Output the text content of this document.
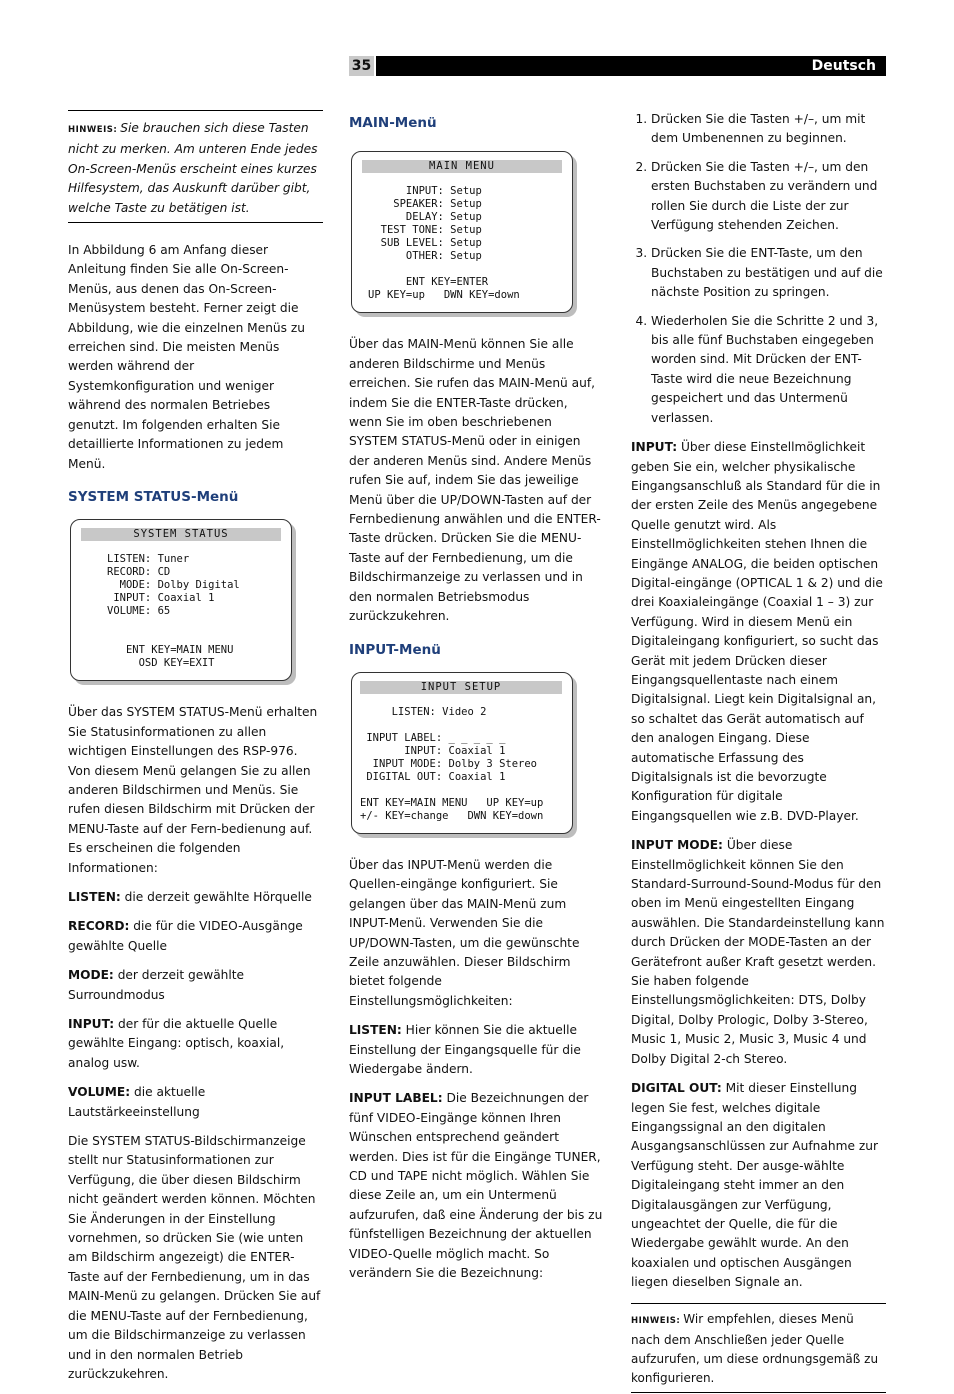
35	Deutsch
HINWEIS: Sie brauchen sich diese Tasten nicht zu merken. Am unteren Ende jedes On-Screen-Menüs erscheint eines kurzes Hilfesystem, das Auskunft darüber gibt, welche Taste zu betätigen ist.

In Abbildung 6 am Anfang dieser Anleitung finden Sie alle On-Screen-Menüs, aus denen das On-Screen-Menüsystem besteht. Ferner zeigt die Abbildung, wie die einzelnen Menüs zu erreichen sind. Die meisten Menüs werden während der Systemkonfiguration und weniger während des normalen Betriebes genutzt. Im folgenden erhalten Sie detaillierte Informationen zu jedem Menü.

SYSTEM STATUS-Menü
SYSTEM STATUS
LISTEN: Tuner
RECORD: CD
MODE: Dolby Digital
INPUT: Coaxial 1
VOLUME: 65

ENT KEY=MAIN MENU
OSD KEY=EXIT

Über das SYSTEM STATUS-Menü erhalten Sie Statusinformationen zu allen wichtigen Einstellungen des RSP-976. Von diesem Menü gelangen Sie zu allen anderen Bildschirmen und Menüs. Sie rufen diesen Bildschirm mit Drücken der MENU-Taste auf der Fern-bedienung auf. Es erscheinen die folgenden Informationen:

LISTEN: die derzeit gewählte Hörquelle

RECORD: die für die VIDEO-Ausgänge gewählte Quelle

MODE: der derzeit gewählte Surroundmodus

INPUT: der für die aktuelle Quelle gewählte Eingang: optisch, koaxial, analog usw.

VOLUME: die aktuelle Lautstärkeeinstellung

Die SYSTEM STATUS-Bildschirmanzeige stellt nur Statusinformationen zur Verfügung, die über diesen Bildschirm nicht geändert werden können. Möchten Sie Änderungen in der Einstellung vornehmen, so drücken Sie (wie unten am Bildschirm angezeigt) die ENTER-Taste auf der Fernbedienung, um in das MAIN-Menü zu gelangen. Drücken Sie auf die MENU-Taste auf der Fernbedienung, um die Bildschirmanzeige zu verlassen und in den normalen Betrieb zurückzukehren.

MAIN-Menü
MAIN MENU
INPUT: Setup
SPEAKER: Setup
DELAY: Setup
TEST TONE: Setup
SUB LEVEL: Setup
OTHER: Setup

ENT KEY=ENTER
UP KEY=up   DWN KEY=down

Über das MAIN-Menü können Sie alle anderen Bildschirme und Menüs erreichen. Sie rufen das MAIN-Menü auf, indem Sie die ENTER-Taste drücken, wenn Sie im oben beschriebenen SYSTEM STATUS-Menü oder in einigen der anderen Menüs sind. Andere Menüs rufen Sie auf, indem Sie das jeweilige Menü über die UP/DOWN-Tasten auf der Fernbedienung anwählen und die ENTER-Taste drücken. Drücken Sie die MENU-Taste auf der Fernbedienung, um die Bildschirmanzeige zu verlassen und in den normalen Betriebsmodus zurückzukehren.

INPUT-Menü
INPUT SETUP
LISTEN: Video 2

INPUT LABEL: _ _ _ _ _
INPUT: Coaxial 1
INPUT MODE: Dolby 3 Stereo
DIGITAL OUT: Coaxial 1

ENT KEY=MAIN MENU   UP KEY=up
+/- KEY=change   DWN KEY=down

Über das INPUT-Menü werden die Quellen-eingänge konfiguriert. Sie gelangen über das MAIN-Menü zum INPUT-Menü. Verwenden Sie die UP/DOWN-Tasten, um die gewünschte Zeile anzuwählen. Dieser Bildschirm bietet folgende Einstellungsmöglichkeiten:

LISTEN: Hier können Sie die aktuelle Einstellung der Eingangsquelle für die Wiedergabe ändern.

INPUT LABEL: Die Bezeichnungen der fünf VIDEO-Eingänge können Ihren Wünschen entsprechend geändert werden. Dies ist für die Eingänge TUNER, CD und TAPE nicht möglich. Wählen Sie diese Zeile an, um ein Untermenü aufzurufen, daß eine Änderung der bis zu fünfstelligen Bezeichnung der aktuellen VIDEO-Quelle möglich macht. So verändern Sie die Bezeichnung:

1. Drücken Sie die Tasten +/–, um mit dem Umbenennen zu beginnen.
2. Drücken Sie die Tasten +/–, um den ersten Buchstaben zu verändern und rollen Sie durch die Liste der zur Verfügung stehenden Zeichen.
3. Drücken Sie die ENT-Taste, um den Buchstaben zu bestätigen und auf die nächste Position zu springen.
4. Wiederholen Sie die Schritte 2 und 3, bis alle fünf Buchstaben eingegeben worden sind. Mit Drücken der ENT-Taste wird die neue Bezeichnung gespeichert und das Untermenü verlassen.

INPUT: Über diese Einstellmöglichkeit geben Sie ein, welcher physikalische Eingangsanschluß als Standard für die in der ersten Zeile des Menüs angegebene Quelle genutzt wird. Als Einstellmöglichkeiten stehen Ihnen die Eingänge ANALOG, die beiden optischen Digital-eingänge (OPTICAL 1 & 2) und die drei Koaxialeingänge (Coaxial 1 – 3) zur Verfügung. Wird in diesem Menü ein Digitaleingang konfiguriert, so sucht das Gerät mit jedem Drücken dieser Eingangsquellentaste nach einem Digitalsignal. Liegt kein Digitalsignal an, so schaltet das Gerät automatisch auf den analogen Eingang. Diese automatische Erfassung des Digitalsignals ist die bevorzugte Konfiguration für digitale Eingangsquellen wie z.B. DVD-Player.

INPUT MODE: Über diese Einstellmöglichkeit können Sie den Standard-Surround-Sound-Modus für den oben im Menü eingestellten Eingang auswählen. Die Standardeinstellung kann durch Drücken der MODE-Tasten an der Gerätefront außer Kraft gesetzt werden. Sie haben folgende Einstellungsmöglichkeiten: DTS, Dolby Digital, Dolby Prologic, Dolby 3-Stereo, Music 1, Music 2, Music 3, Music 4 und Dolby Digital 2-ch Stereo.

DIGITAL OUT: Mit dieser Einstellung legen Sie fest, welches digitale Eingangssignal an den digitalen Ausgangsanschlüssen zur Aufnahme zur Verfügung steht. Der ausge-wählte Digitaleingang steht immer an den Digitalausgängen zur Verfügung, ungeachtet der Quelle, die für die Wiedergabe gewählt wurde. An den koaxialen und optischen Ausgängen liegen dieselben Signale an.

HINWEIS: Wir empfehlen, dieses Menü nach dem Anschließen jeder Quelle aufzurufen, um diese ordnungsgemäß zu konfigurieren.
